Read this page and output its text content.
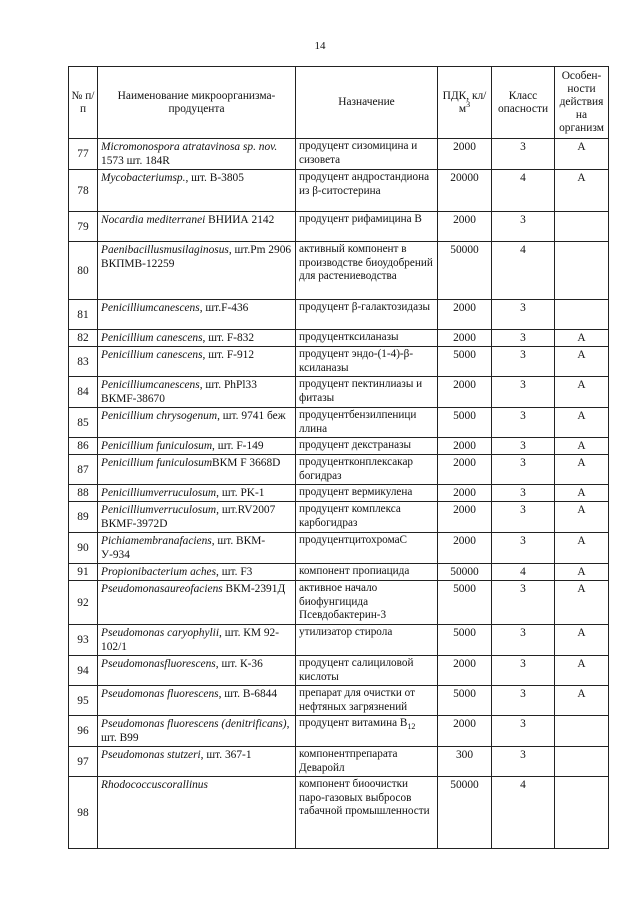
14
№ п/п	Наименование микроорганизма-продуцента	Назначение	ПДК, $кл/м^3$	Класс опасности	Особен-ности действия на организм
77	Micromonospora atratavinosa sp. nov. 1573 шт. 184R	продуцент сизомицина и сизовета	2000	3	А
78	Mycobacteriumsp., шт. В-3805	продуцент андростандиона из β-ситостерина	20000	4	А
79	Nocardia mediterranei ВНИИА 2142	продуцент рифамицина В	2000	3	
80	Paenibacillusmusilaginosus, шт.Рm 2906 ВКПМВ-12259	активный компонент в производстве биоудобрений для растениеводства	50000	4	
81	Penicilliumcanescens, шт.F-436	продуцент β-галактозидазы	2000	3	
82	Penicillium canescens, шт. F-832	продуцентксиланазы	2000	3	А
83	Penicillium canescens, шт. F-912	продуцент эндо-(1-4)-β-ксиланазы	5000	3	А
84	Penicilliumcanescens, шт. PhPl33 ВКМF-38670	продуцент пектинлиазы и фитазы	2000	3	А
85	Penicillium chrysogenum, шт. 9741 беж	продуцентбензилпеници ллина	5000	3	А
86	Penicillium funiculosum, шт. F-149	продуцент декстраназы	2000	3	А
87	Penicillium funiculosumВКМ F 3668D	продуцентконплексакар богидраз	2000	3	А
88	Penicilliumverruculosum, шт. PK-1	продуцент вермикулена	2000	3	А
89	Penicilliumverruculosum, шт.RV2007 ВКМF-3972D	продуцент комплекса карбогидраз	2000	3	А
90	Pichiamembranafaciens, шт. ВКМ-У-934	продуцентцитохромаС	2000	3	А
91	Propionibacterium aches, шт. F3	компонент пропиацида	50000	4	А
92	Pseudomonasaureofaciens ВКМ-2391Д	активное начало биофунгицида Псевдобактерин-3	5000	3	А
93	Pseudomonas caryophylii, шт. КМ 92-102/1	утилизатор стирола	5000	3	А
94	Pseudomonasfluorescens, шт. К-36	продуцент салициловой кислоты	2000	3	А
95	Pseudomonas fluorescens, шт. В-6844	препарат для очистки от нефтяных загрязнений	5000	3	А
96	Pseudomonas fluorescens (denitrificans), шт. В99	продуцент витамина $В_{12}$	2000	3	
97	Pseudomonas stutzeri, шт. 367-1	компонентпрепарата Деваройл	300	3	
98	Rhodococcuscorallinus	компонент биоочистки паро-газовых выбросов табачной промышленности	50000	4	
